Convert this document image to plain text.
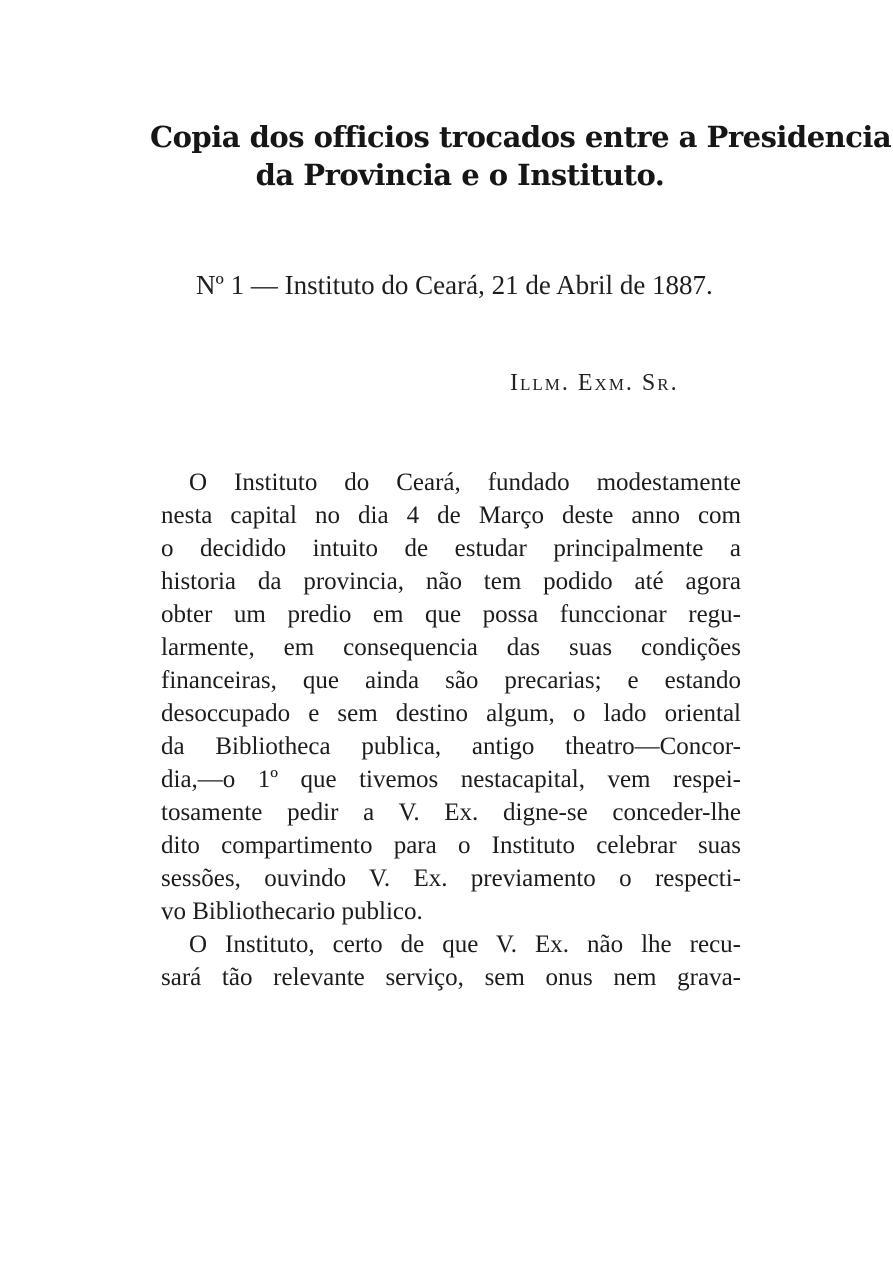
Copia dos officios trocados entre a Presidencia
da Provincia e o Instituto.
Nº 1 — Instituto do Ceará, 21 de Abril de 1887.
Illm. Exm. Sr.
O Instituto do Ceará, fundado modestamente
nesta capital no dia 4 de Março deste anno com
o decidido intuito de estudar principalmente a
historia da provincia, não tem podido até agora
obter um predio em que possa funccionar regu-
larmente, em consequencia das suas condições
financeiras, que ainda são precarias; e estando
desoccupado e sem destino algum, o lado oriental
da Bibliotheca publica, antigo theatro—Concor-
dia,—o 1º que tivemos nestacapital, vem respei-
tosamente pedir a V. Ex. digne-se conceder-lhe
dito compartimento para o Instituto celebrar suas
sessões, ouvindo V. Ex. previamento o respecti-
vo Bibliothecario publico.
O Instituto, certo de que V. Ex. não lhe recu-
sará tão relevante serviço, sem onus nem grava-
